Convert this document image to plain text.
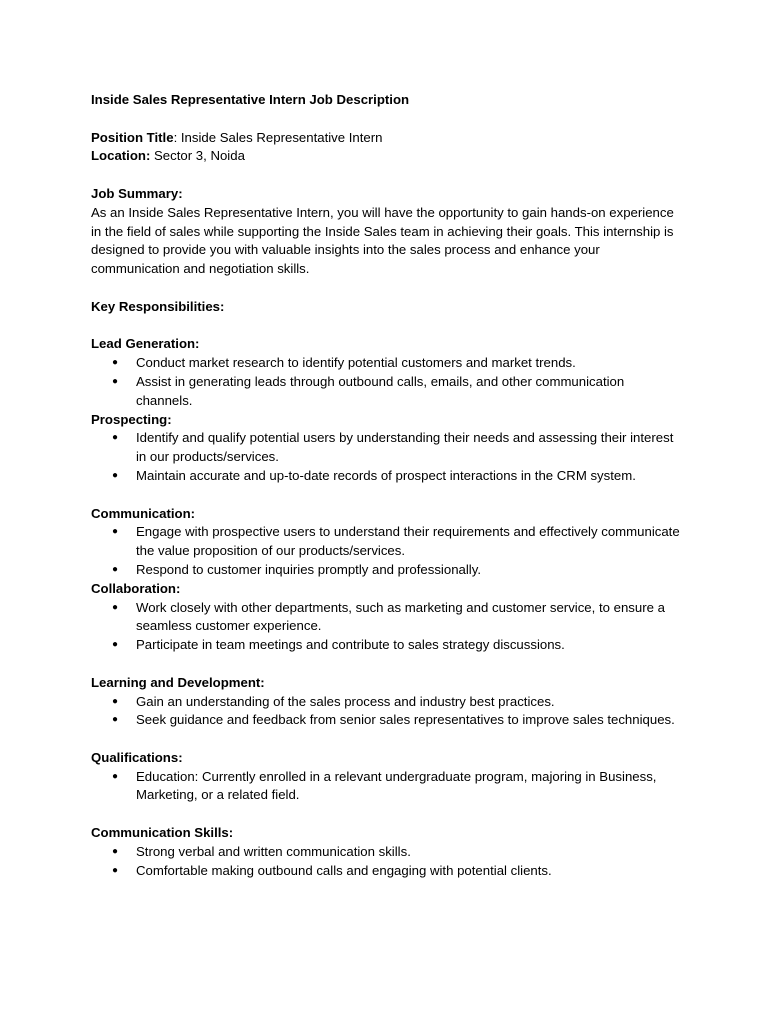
Inside Sales Representative Intern Job Description

Position Title: Inside Sales Representative Intern

Location: Sector 3, Noida

Job Summary:

As an Inside Sales Representative Intern, you will have the opportunity to gain hands-on experience in the field of sales while supporting the Inside Sales team in achieving their goals. This internship is designed to provide you with valuable insights into the sales process and enhance your communication and negotiation skills.

Key Responsibilities:

Lead Generation:

● Conduct market research to identify potential customers and market trends.
● Assist in generating leads through outbound calls, emails, and other communication channels.

Prospecting:

● Identify and qualify potential users by understanding their needs and assessing their interest in our products/services.
● Maintain accurate and up-to-date records of prospect interactions in the CRM system.

Communication:

● Engage with prospective users to understand their requirements and effectively communicate the value proposition of our products/services.
● Respond to customer inquiries promptly and professionally.

Collaboration:

● Work closely with other departments, such as marketing and customer service, to ensure a seamless customer experience.
● Participate in team meetings and contribute to sales strategy discussions.

Learning and Development:

● Gain an understanding of the sales process and industry best practices.
● Seek guidance and feedback from senior sales representatives to improve sales techniques.

Qualifications:

● Education: Currently enrolled in a relevant undergraduate program, majoring in Business, Marketing, or a related field.

Communication Skills:

● Strong verbal and written communication skills.
● Comfortable making outbound calls and engaging with potential clients.
